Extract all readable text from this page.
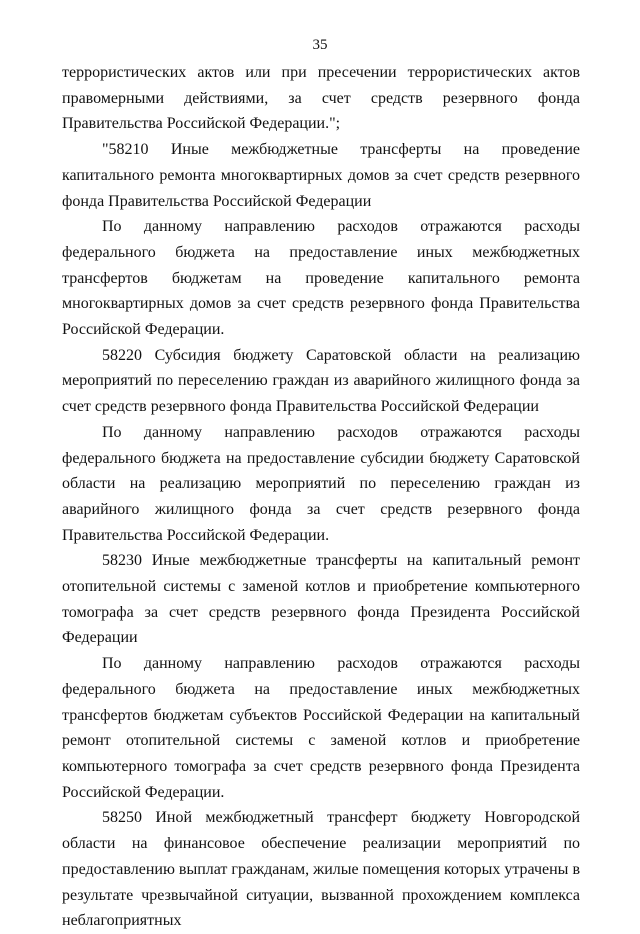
35

террористических актов или при пресечении террористических актов правомерными действиями, за счет средств резервного фонда Правительства Российской Федерации.";

"58210 Иные межбюджетные трансферты на проведение капитального ремонта многоквартирных домов за счет средств резервного фонда Правительства Российской Федерации

По данному направлению расходов отражаются расходы федерального бюджета на предоставление иных межбюджетных трансфертов бюджетам на проведение капитального ремонта многоквартирных домов за счет средств резервного фонда Правительства Российской Федерации.

58220 Субсидия бюджету Саратовской области на реализацию мероприятий по переселению граждан из аварийного жилищного фонда за счет средств резервного фонда Правительства Российской Федерации

По данному направлению расходов отражаются расходы федерального бюджета на предоставление субсидии бюджету Саратовской области на реализацию мероприятий по переселению граждан из аварийного жилищного фонда за счет средств резервного фонда Правительства Российской Федерации.

58230 Иные межбюджетные трансферты на капитальный ремонт отопительной системы с заменой котлов и приобретение компьютерного томографа за счет средств резервного фонда Президента Российской Федерации

По данному направлению расходов отражаются расходы федерального бюджета на предоставление иных межбюджетных трансфертов бюджетам субъектов Российской Федерации на капитальный ремонт отопительной системы с заменой котлов и приобретение компьютерного томографа за счет средств резервного фонда Президента Российской Федерации.

58250 Иной межбюджетный трансферт бюджету Новгородской области на финансовое обеспечение реализации мероприятий по предоставлению выплат гражданам, жилые помещения которых утрачены в результате чрезвычайной ситуации, вызванной прохождением комплекса неблагоприятных
